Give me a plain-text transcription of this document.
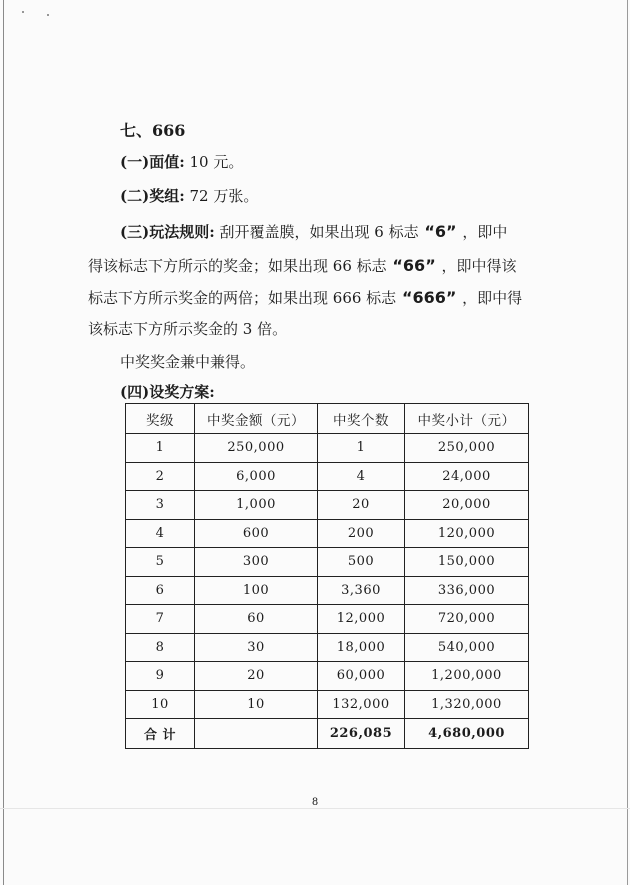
七、666
(一)面值: 10 元。
(二)奖组: 72 万张。
(三)玩法规则: 刮开覆盖膜，如果出现 6 标志 “6” ，即中
得该标志下方所示的奖金；如果出现 66 标志 “66” ，即中得该
标志下方所示奖金的两倍；如果出现 666 标志 “666” ，即中得
该标志下方所示奖金的 3 倍。
中奖奖金兼中兼得。
(四)设奖方案:
奖级	中奖金额（元）	中奖个数	中奖小计（元）
1	250,000	1	250,000
2	6,000	4	24,000
3	1,000	20	20,000
4	600	200	120,000
5	300	500	150,000
6	100	3,360	336,000
7	60	12,000	720,000
8	30	18,000	540,000
9	20	60,000	1,200,000
10	10	132,000	1,320,000
合 计		226,085	4,680,000
8
